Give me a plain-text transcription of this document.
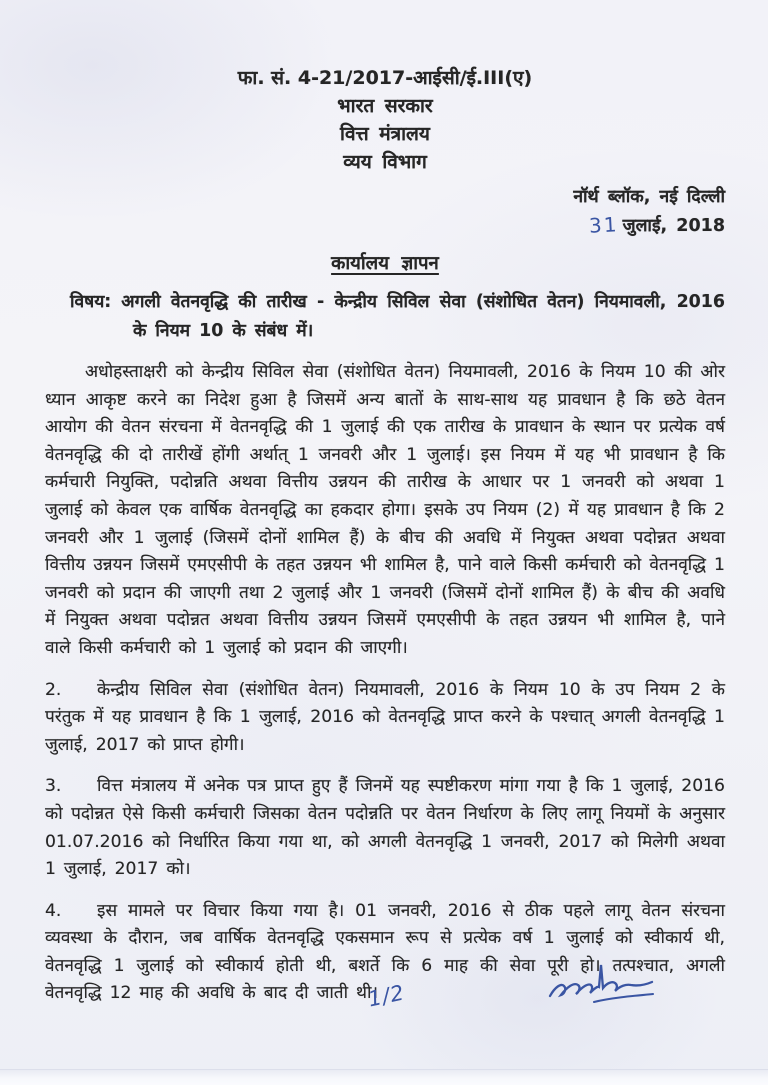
फा. सं. 4-21/2017-आईसी/ई.III(ए)
भारत सरकार
वित्त मंत्रालय
व्यय विभाग
नॉर्थ ब्लॉक, नई दिल्ली
31 जुलाई, 2018
कार्यालय ज्ञापन

विषय: अगली वेतनवृद्धि की तारीख - केन्द्रीय सिविल सेवा (संशोधित वेतन) नियमावली, 2016 के नियम 10 के संबंध में।

अधोहस्ताक्षरी को केन्द्रीय सिविल सेवा (संशोधित वेतन) नियमावली, 2016 के नियम 10 की ओर ध्यान आकृष्ट करने का निदेश हुआ है जिसमें अन्य बातों के साथ-साथ यह प्रावधान है कि छठे वेतन आयोग की वेतन संरचना में वेतनवृद्धि की 1 जुलाई की एक तारीख के प्रावधान के स्थान पर प्रत्येक वर्ष वेतनवृद्धि की दो तारीखें होंगी अर्थात् 1 जनवरी और 1 जुलाई। इस नियम में यह भी प्रावधान है कि कर्मचारी नियुक्ति, पदोन्नति अथवा वित्तीय उन्नयन की तारीख के आधार पर 1 जनवरी को अथवा 1 जुलाई को केवल एक वार्षिक वेतनवृद्धि का हकदार होगा। इसके उप नियम (2) में यह प्रावधान है कि 2 जनवरी और 1 जुलाई (जिसमें दोनों शामिल हैं) के बीच की अवधि में नियुक्त अथवा पदोन्नत अथवा वित्तीय उन्नयन जिसमें एमएसीपी के तहत उन्नयन भी शामिल है, पाने वाले किसी कर्मचारी को वेतनवृद्धि 1 जनवरी को प्रदान की जाएगी तथा 2 जुलाई और 1 जनवरी (जिसमें दोनों शामिल हैं) के बीच की अवधि में नियुक्त अथवा पदोन्नत अथवा वित्तीय उन्नयन जिसमें एमएसीपी के तहत उन्नयन भी शामिल है, पाने वाले किसी कर्मचारी को 1 जुलाई को प्रदान की जाएगी।

2. केन्द्रीय सिविल सेवा (संशोधित वेतन) नियमावली, 2016 के नियम 10 के उप नियम 2 के परंतुक में यह प्रावधान है कि 1 जुलाई, 2016 को वेतनवृद्धि प्राप्त करने के पश्चात् अगली वेतनवृद्धि 1 जुलाई, 2017 को प्राप्त होगी।

3. वित्त मंत्रालय में अनेक पत्र प्राप्त हुए हैं जिनमें यह स्पष्टीकरण मांगा गया है कि 1 जुलाई, 2016 को पदोन्नत ऐसे किसी कर्मचारी जिसका वेतन पदोन्नति पर वेतन निर्धारण के लिए लागू नियमों के अनुसार 01.07.2016 को निर्धारित किया गया था, को अगली वेतनवृद्धि 1 जनवरी, 2017 को मिलेगी अथवा 1 जुलाई, 2017 को।

4. इस मामले पर विचार किया गया है। 01 जनवरी, 2016 से ठीक पहले लागू वेतन संरचना व्यवस्था के दौरान, जब वार्षिक वेतनवृद्धि एकसमान रूप से प्रत्येक वर्ष 1 जुलाई को स्वीकार्य थी, वेतनवृद्धि 1 जुलाई को स्वीकार्य होती थी, बशर्ते कि 6 माह की सेवा पूरी हो। तत्पश्चात, अगली वेतनवृद्धि 12 माह की अवधि के बाद दी जाती थी।

1/2
